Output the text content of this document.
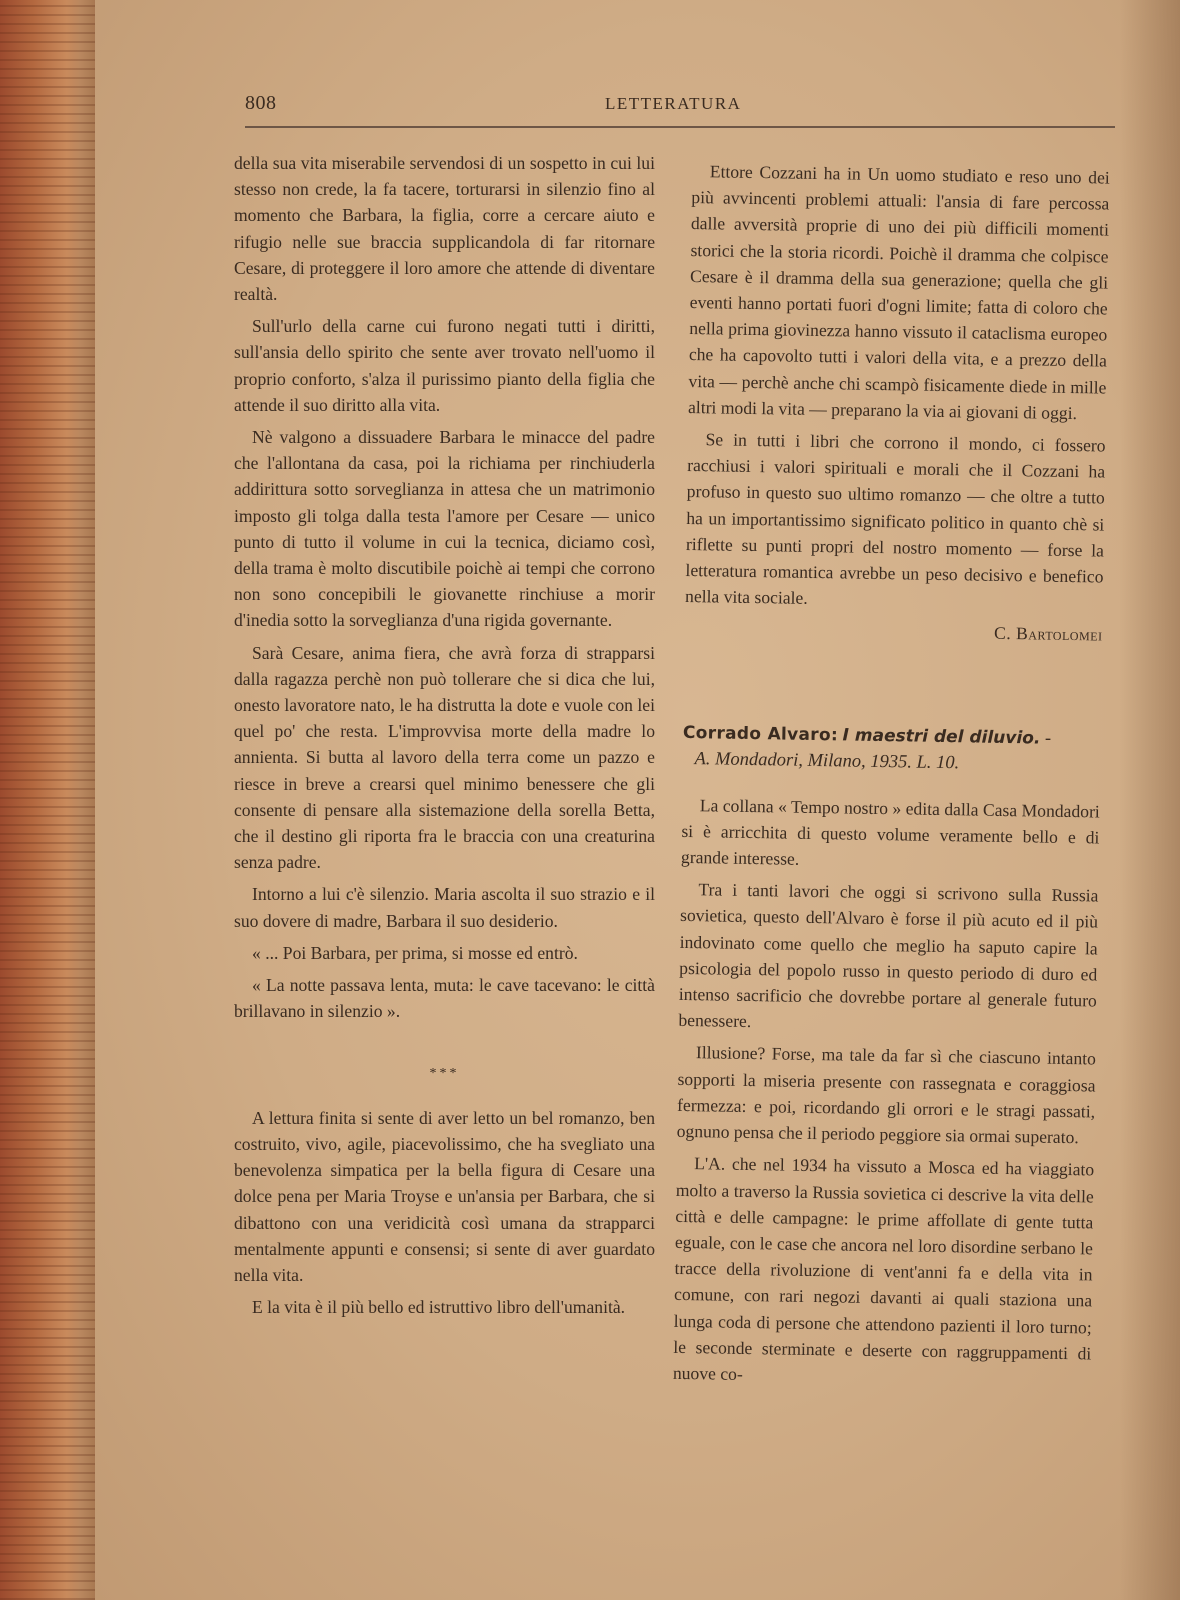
808	LETTERATURA

della sua vita miserabile servendosi di un sospetto in cui lui stesso non crede, la fa tacere, torturarsi in silenzio fino al momento che Barbara, la figlia, corre a cercare aiuto e rifugio nelle sue braccia supplicandola di far ritornare Cesare, di proteggere il loro amore che attende di diventare realtà.

Sull'urlo della carne cui furono negati tutti i diritti, sull'ansia dello spirito che sente aver trovato nell'uomo il proprio conforto, s'alza il purissimo pianto della figlia che attende il suo diritto alla vita.

Nè valgono a dissuadere Barbara le minacce del padre che l'allontana da casa, poi la richiama per rinchiuderla addirittura sotto sorveglianza in attesa che un matrimonio imposto gli tolga dalla testa l'amore per Cesare — unico punto di tutto il volume in cui la tecnica, diciamo così, della trama è molto discutibile poichè ai tempi che corrono non sono concepibili le giovanette rinchiuse a morir d'inedia sotto la sorveglianza d'una rigida governante.

Sarà Cesare, anima fiera, che avrà forza di strapparsi dalla ragazza perchè non può tollerare che si dica che lui, onesto lavoratore nato, le ha distrutta la dote e vuole con lei quel po' che resta. L'improvvisa morte della madre lo annienta. Si butta al lavoro della terra come un pazzo e riesce in breve a crearsi quel minimo benessere che gli consente di pensare alla sistemazione della sorella Betta, che il destino gli riporta fra le braccia con una creaturina senza padre.

Intorno a lui c'è silenzio. Maria ascolta il suo strazio e il suo dovere di madre, Barbara il suo desiderio.

« ... Poi Barbara, per prima, si mosse ed entrò.

« La notte passava lenta, muta: le cave tacevano: le città brillavano in silenzio ».

***

A lettura finita si sente di aver letto un bel romanzo, ben costruito, vivo, agile, piacevolissimo, che ha svegliato una benevolenza simpatica per la bella figura di Cesare una dolce pena per Maria Troyse e un'ansia per Barbara, che si dibattono con una veridicità così umana da strapparci mentalmente appunti e consensi; si sente di aver guardato nella vita.

E la vita è il più bello ed istruttivo libro dell'umanità.

Ettore Cozzani ha in Un uomo studiato e reso uno dei più avvincenti problemi attuali: l'ansia di fare percossa dalle avversità proprie di uno dei più difficili momenti storici che la storia ricordi. Poichè il dramma che colpisce Cesare è il dramma della sua generazione; quella che gli eventi hanno portati fuori d'ogni limite; fatta di coloro che nella prima giovinezza hanno vissuto il cataclisma europeo che ha capovolto tutti i valori della vita, e a prezzo della vita — perchè anche chi scampò fisicamente diede in mille altri modi la vita — preparano la via ai giovani di oggi.

Se in tutti i libri che corrono il mondo, ci fossero racchiusi i valori spirituali e morali che il Cozzani ha profuso in questo suo ultimo romanzo — che oltre a tutto ha un importantissimo significato politico in quanto chè si riflette su punti propri del nostro momento — forse la letteratura romantica avrebbe un peso decisivo e benefico nella vita sociale.

C. Bartolomei
Corrado Alvaro: I maestri del diluvio. -
A. Mondadori, Milano, 1935. L. 10.

La collana « Tempo nostro » edita dalla Casa Mondadori si è arricchita di questo volume veramente bello e di grande interesse.

Tra i tanti lavori che oggi si scrivono sulla Russia sovietica, questo dell'Alvaro è forse il più acuto ed il più indovinato come quello che meglio ha saputo capire la psicologia del popolo russo in questo periodo di duro ed intenso sacrificio che dovrebbe portare al generale futuro benessere.

Illusione? Forse, ma tale da far sì che ciascuno intanto sopporti la miseria presente con rassegnata e coraggiosa fermezza: e poi, ricordando gli orrori e le stragi passati, ognuno pensa che il periodo peggiore sia ormai superato.

L'A. che nel 1934 ha vissuto a Mosca ed ha viaggiato molto a traverso la Russia sovietica ci descrive la vita delle città e delle campagne: le prime affollate di gente tutta eguale, con le case che ancora nel loro disordine serbano le tracce della rivoluzione di vent'anni fa e della vita in comune, con rari negozi davanti ai quali staziona una lunga coda di persone che attendono pazienti il loro turno; le seconde sterminate e deserte con raggruppamenti di nuove co-
